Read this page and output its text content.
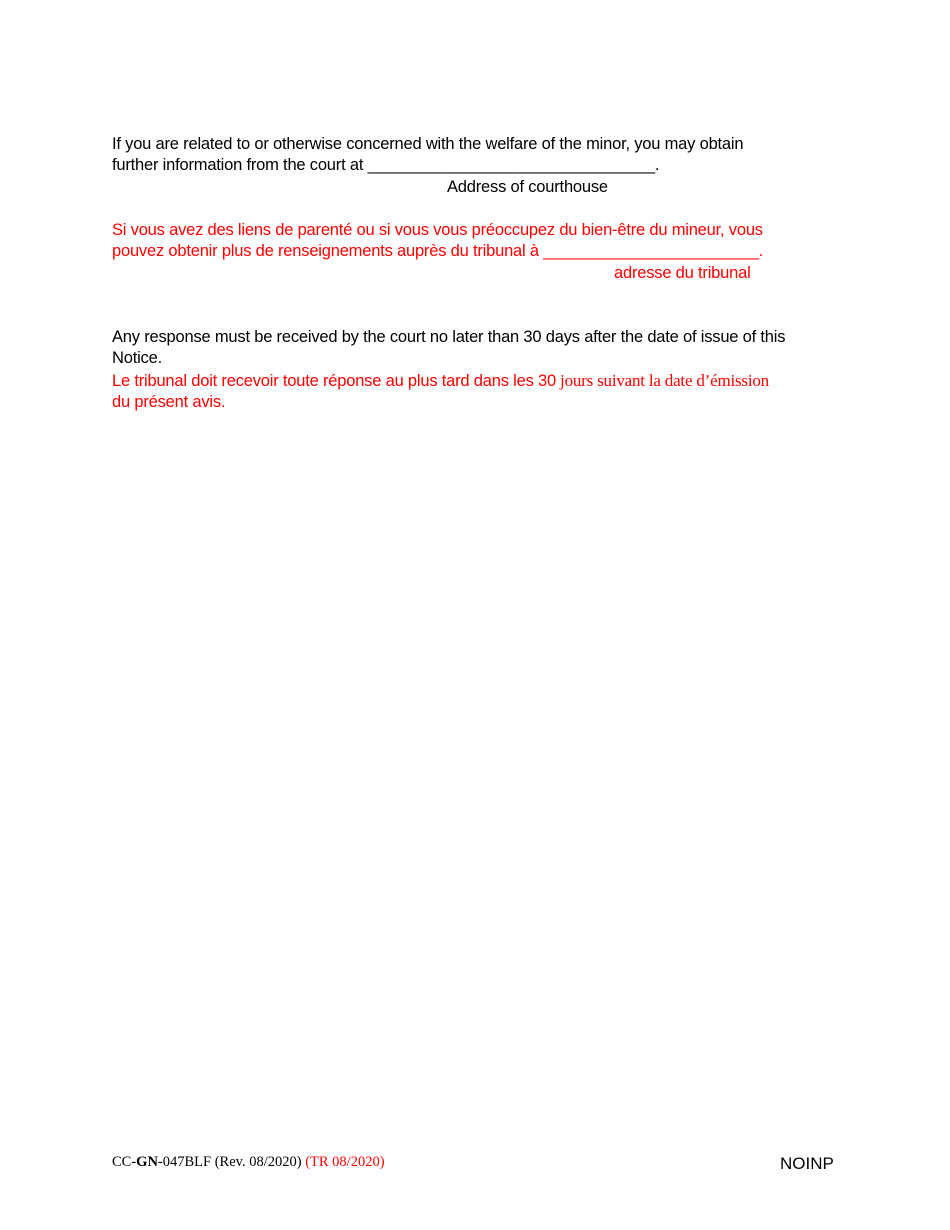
If you are related to or otherwise concerned with the welfare of the minor, you may obtain
further information from the court at ________________________________.
Address of courthouse
Si vous avez des liens de parenté ou si vous vous préoccupez du bien-être du mineur, vous
pouvez obtenir plus de renseignements auprès du tribunal à ________________________.
adresse du tribunal
Any response must be received by the court no later than 30 days after the date of issue of this
Notice.
Le tribunal doit recevoir toute réponse au plus tard dans les 30 jours suivant la date d’émission
du présent avis.
CC-GN-047BLF (Rev. 08/2020) (TR 08/2020)	NOINP
